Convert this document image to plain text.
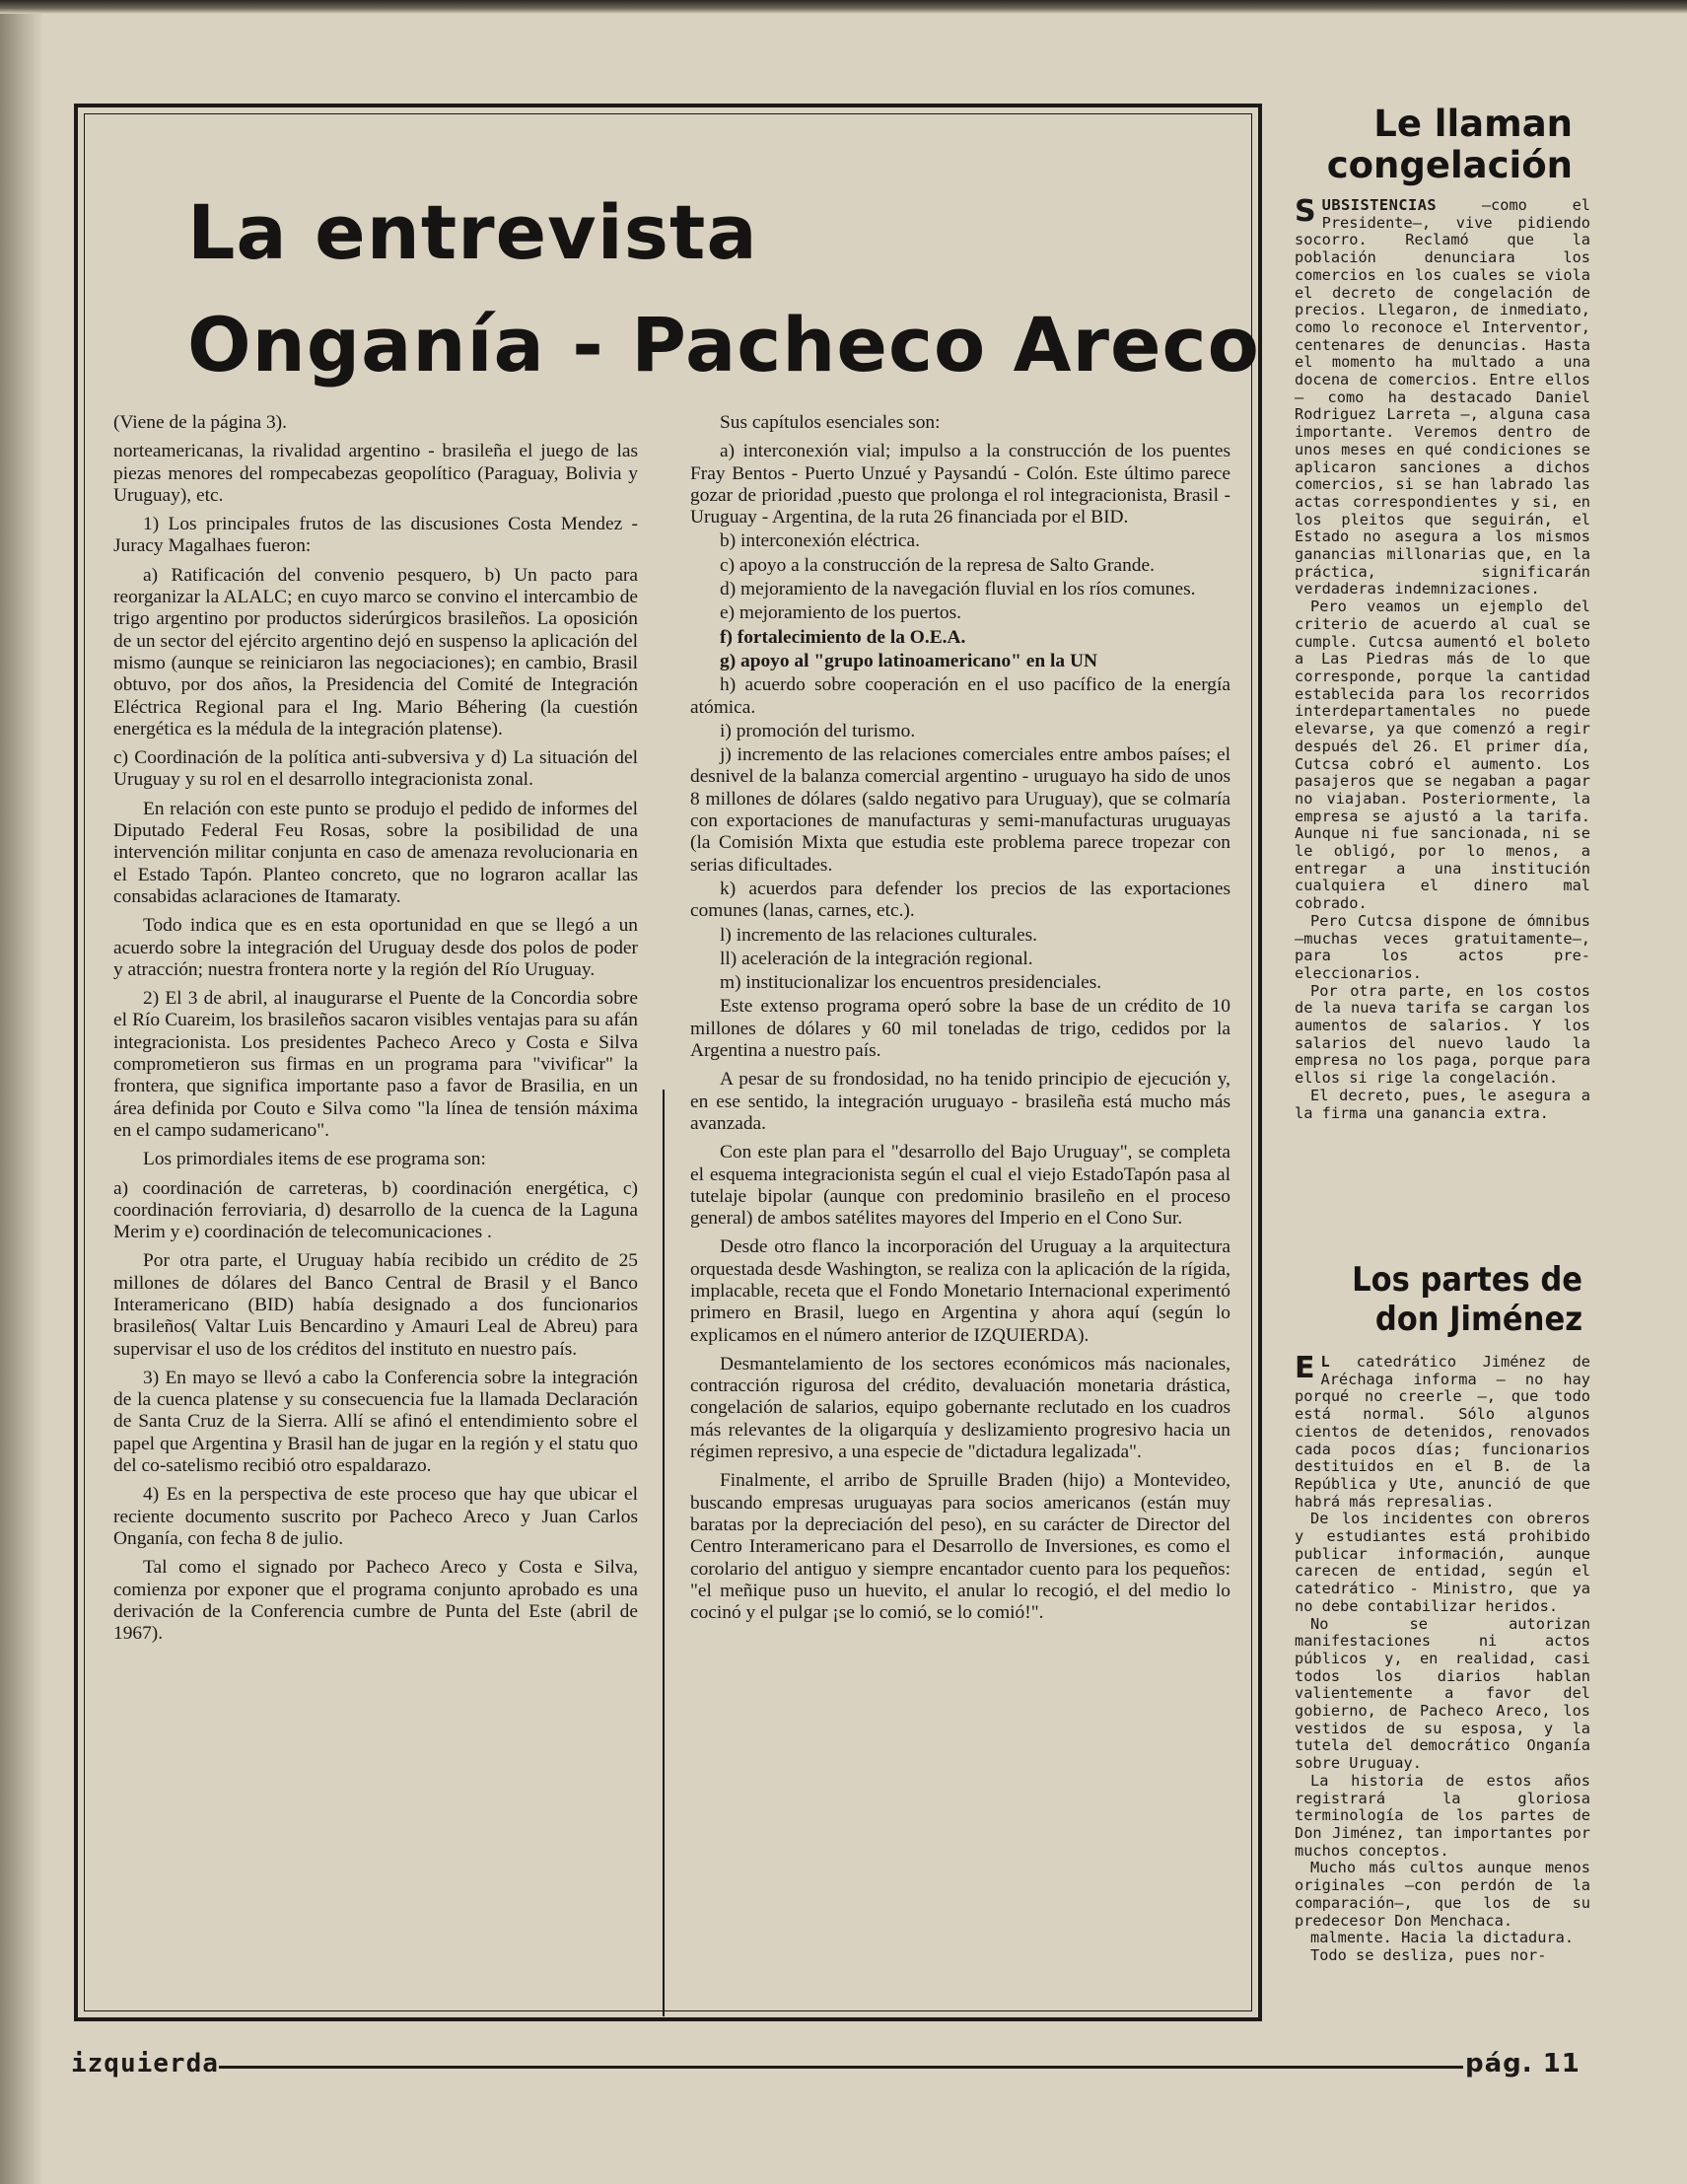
La entrevista
Onganía - Pacheco Areco

(Viene de la página 3).

norteamericanas, la rivalidad argentino - brasileña el juego de las piezas menores del rompecabezas geopolítico (Paraguay, Bolivia y Uruguay), etc.

1) Los principales frutos de las discusiones Costa Mendez - Juracy Magalhaes fueron:

a) Ratificación del convenio pesquero, b) Un pacto para reorganizar la ALALC; en cuyo marco se convino el intercambio de trigo argentino por productos siderúrgicos brasileños. La oposición de un sector del ejército argentino dejó en suspenso la aplicación del mismo (aunque se reiniciaron las negociaciones); en cambio, Brasil obtuvo, por dos años, la Presidencia del Comité de Integración Eléctrica Regional para el Ing. Mario Béhering (la cuestión energética es la médula de la integración platense).

c) Coordinación de la política anti-subversiva y d) La situación del Uruguay y su rol en el desarrollo integracionista zonal.

En relación con este punto se produjo el pedido de informes del Diputado Federal Feu Rosas, sobre la posibilidad de una intervención militar conjunta en caso de amenaza revolucionaria en el Estado Tapón. Planteo concreto, que no lograron acallar las consabidas aclaraciones de Itamaraty.

Todo indica que es en esta oportunidad en que se llegó a un acuerdo sobre la integración del Uruguay desde dos polos de poder y atracción; nuestra frontera norte y la región del Río Uruguay.

2) El 3 de abril, al inaugurarse el Puente de la Concordia sobre el Río Cuareim, los brasileños sacaron visibles ventajas para su afán integracionista. Los presidentes Pacheco Areco y Costa e Silva comprometieron sus firmas en un programa para "vivificar" la frontera, que significa importante paso a favor de Brasilia, en un área definida por Couto e Silva como "la línea de tensión máxima en el campo sudamericano".

Los primordiales items de ese programa son:

a) coordinación de carreteras, b) coordinación energética, c) coordinación ferroviaria, d) desarrollo de la cuenca de la Laguna Merim y e) coordinación de telecomunicaciones .

Por otra parte, el Uruguay había recibido un crédito de 25 millones de dólares del Banco Central de Brasil y el Banco Interamericano (BID) había designado a dos funcionarios brasileños( Valtar Luis Bencardino y Amauri Leal de Abreu) para supervisar el uso de los créditos del instituto en nuestro país.

3) En mayo se llevó a cabo la Conferencia sobre la integración de la cuenca platense y su consecuencia fue la llamada Declaración de Santa Cruz de la Sierra. Allí se afinó el entendimiento sobre el papel que Argentina y Brasil han de jugar en la región y el statu quo del co-satelismo recibió otro espaldarazo.

4) Es en la perspectiva de este proceso que hay que ubicar el reciente documento suscrito por Pacheco Areco y Juan Carlos Onganía, con fecha 8 de julio.

Tal como el signado por Pacheco Areco y Costa e Silva, comienza por exponer que el programa conjunto aprobado es una derivación de la Conferencia cumbre de Punta del Este (abril de 1967).

Sus capítulos esenciales son:

a) interconexión vial; impulso a la construcción de los puentes Fray Bentos - Puerto Unzué y Paysandú - Colón. Este último parece gozar de prioridad ,puesto que prolonga el rol integracionista, Brasil - Uruguay - Argentina, de la ruta 26 financiada por el BID.

b) interconexión eléctrica.

c) apoyo a la construcción de la represa de Salto Grande.

d) mejoramiento de la navegación fluvial en los ríos comunes.

e) mejoramiento de los puertos.

f) fortalecimiento de la O.E.A.

g) apoyo al "grupo latinoamericano" en la UN

h) acuerdo sobre cooperación en el uso pacífico de la energía atómica.

i) promoción del turismo.

j) incremento de las relaciones comerciales entre ambos países; el desnivel de la balanza comercial argentino - uruguayo ha sido de unos 8 millones de dólares (saldo negativo para Uruguay), que se colmaría con exportaciones de manufacturas y semi-manufacturas uruguayas (la Comisión Mixta que estudia este problema parece tropezar con serias dificultades.

k) acuerdos para defender los precios de las exportaciones comunes (lanas, carnes, etc.).

l) incremento de las relaciones culturales.

ll) aceleración de la integración regional.

m) institucionalizar los encuentros presidenciales.

Este extenso programa operó sobre la base de un crédito de 10 millones de dólares y 60 mil toneladas de trigo, cedidos por la Argentina a nuestro país.

A pesar de su frondosidad, no ha tenido principio de ejecución y, en ese sentido, la integración uruguayo - brasileña está mucho más avanzada.

Con este plan para el "desarrollo del Bajo Uruguay", se completa el esquema integracionista según el cual el viejo EstadoTapón pasa al tutelaje bipolar (aunque con predominio brasileño en el proceso general) de ambos satélites mayores del Imperio en el Cono Sur.

Desde otro flanco la incorporación del Uruguay a la arquitectura orquestada desde Washington, se realiza con la aplicación de la rígida, implacable, receta que el Fondo Monetario Internacional experimentó primero en Brasil, luego en Argentina y ahora aquí (según lo explicamos en el número anterior de IZQUIERDA).

Desmantelamiento de los sectores económicos más nacionales, contracción rigurosa del crédito, devaluación monetaria drástica, congelación de salarios, equipo gobernante reclutado en los cuadros más relevantes de la oligarquía y deslizamiento progresivo hacia un régimen represivo, a una especie de "dictadura legalizada".

Finalmente, el arribo de Spruille Braden (hijo) a Montevideo, buscando empresas uruguayas para socios americanos (están muy baratas por la depreciación del peso), en su carácter de Director del Centro Interamericano para el Desarrollo de Inversiones, es como el corolario del antiguo y siempre encantador cuento para los pequeños: "el meñique puso un huevito, el anular lo recogió, el del medio lo cocinó y el pulgar ¡se lo comió, se lo comió!".

Le llaman congelación

SUBSISTENCIAS —como el Presidente—, vive pidiendo socorro. Reclamó que la población denunciara los comercios en los cuales se viola el decreto de congelación de precios. Llegaron, de inmediato, como lo reconoce el Interventor, centenares de denuncias. Hasta el momento ha multado a una docena de comercios. Entre ellos — como ha destacado Daniel Rodriguez Larreta —, alguna casa importante. Veremos dentro de unos meses en qué condiciones se aplicaron sanciones a dichos comercios, si se han labrado las actas correspondientes y si, en los pleitos que seguirán, el Estado no asegura a los mismos ganancias millonarias que, en la práctica, significarán verdaderas indemnizaciones.

Pero veamos un ejemplo del criterio de acuerdo al cual se cumple. Cutcsa aumentó el boleto a Las Piedras más de lo que corresponde, porque la cantidad establecida para los recorridos interdepartamentales no puede elevarse, ya que comenzó a regir después del 26. El primer día, Cutcsa cobró el aumento. Los pasajeros que se negaban a pagar no viajaban. Posteriormente, la empresa se ajustó a la tarifa. Aunque ni fue sancionada, ni se le obligó, por lo menos, a entregar a una institución cualquiera el dinero mal cobrado.

Pero Cutcsa dispone de ómnibus —muchas veces gratuitamente—, para los actos pre-eleccionarios.

Por otra parte, en los costos de la nueva tarifa se cargan los aumentos de salarios. Y los salarios del nuevo laudo la empresa no los paga, porque para ellos si rige la congelación.

El decreto, pues, le asegura a la firma una ganancia extra.

Los partes de don Jiménez

E L catedrático Jiménez de Aréchaga informa — no hay porqué no creerle —, que todo está normal. Sólo algunos cientos de detenidos, renovados cada pocos días; funcionarios destituidos en el B. de la República y Ute, anunció de que habrá más represalias.

De los incidentes con obreros y estudiantes está prohibido publicar información, aunque carecen de entidad, según el catedrático - Ministro, que ya no debe contabilizar heridos.

No se autorizan manifestaciones ni actos públicos y, en realidad, casi todos los diarios hablan valientemente a favor del gobierno, de Pacheco Areco, los vestidos de su esposa, y la tutela del democrático Onganía sobre Uruguay.

La historia de estos años registrará la gloriosa terminología de los partes de Don Jiménez, tan importantes por muchos conceptos.

Mucho más cultos aunque menos originales —con perdón de la comparación—, que los de su predecesor Don Menchaca.

malmente. Hacia la dictadura.

Todo se desliza, pues nor-

izquierda	pág. 11
